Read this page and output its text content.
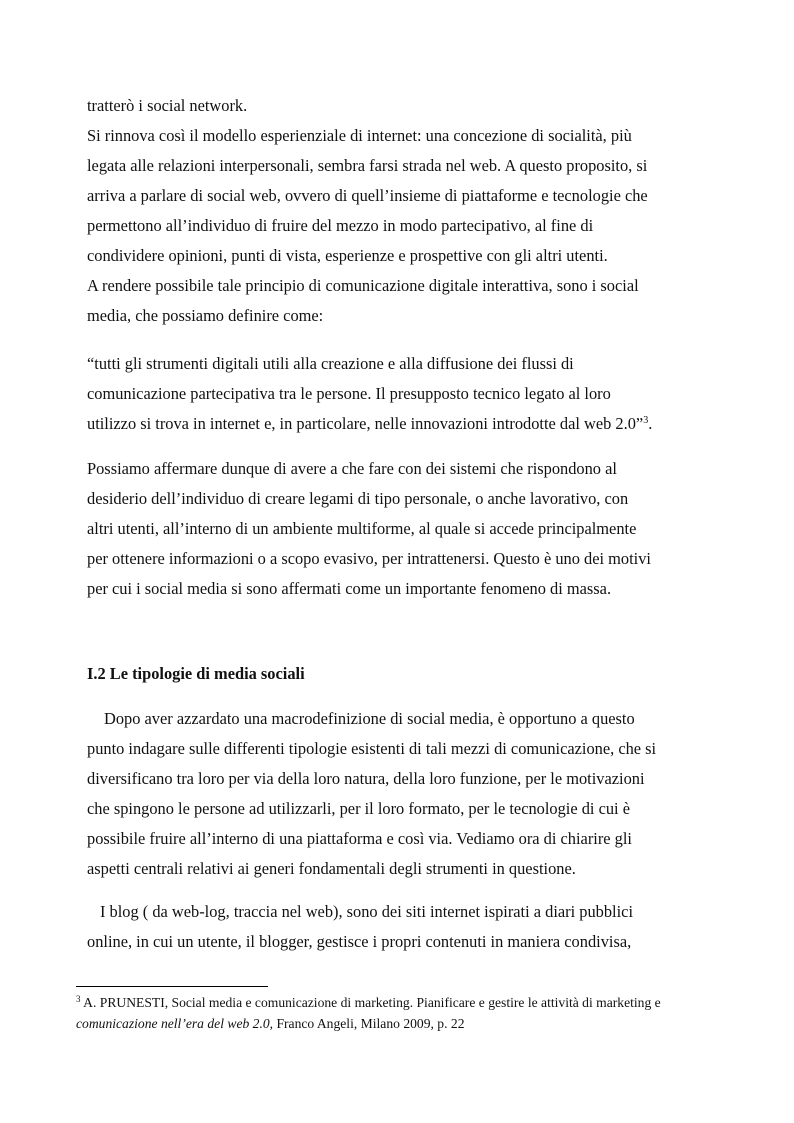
tratterò i social network.
Si rinnova così il modello esperienziale di internet: una concezione di socialità, più
legata alle relazioni interpersonali, sembra farsi strada nel web. A questo proposito, si
arriva a parlare di social web, ovvero di quell’insieme di piattaforme e tecnologie che
permettono all’individuo di fruire del mezzo in modo partecipativo, al fine di
condividere opinioni, punti di vista, esperienze e prospettive con gli altri utenti.
A rendere possibile tale principio di comunicazione digitale interattiva, sono i social
media, che possiamo definire come:
“tutti gli strumenti digitali utili alla creazione e alla diffusione dei flussi di
comunicazione partecipativa tra le persone. Il presupposto tecnico legato al loro
utilizzo si trova in internet e, in particolare, nelle innovazioni introdotte dal web 2.0”$^3$.
Possiamo affermare dunque di avere a che fare con dei sistemi che rispondono al
desiderio dell’individuo di creare legami di tipo personale, o anche lavorativo, con
altri utenti, all’interno di un ambiente multiforme, al quale si accede principalmente
per ottenere informazioni o a scopo evasivo, per intrattenersi. Questo è uno dei motivi
per cui i social media si sono affermati come un importante fenomeno di massa.
I.2 Le tipologie di media sociali
Dopo aver azzardato una macrodefinizione di social media, è opportuno a questo
punto indagare sulle differenti tipologie esistenti di tali mezzi di comunicazione, che si
diversificano tra loro per via della loro natura, della loro funzione, per le motivazioni
che spingono le persone ad utilizzarli, per il loro formato, per le tecnologie di cui è
possibile fruire all’interno di una piattaforma e così via. Vediamo ora di chiarire gli
aspetti centrali relativi ai generi fondamentali degli strumenti in questione.
I blog ( da web-log, traccia nel web), sono dei siti internet ispirati a diari pubblici
online, in cui un utente, il blogger, gestisce i propri contenuti in maniera condivisa,
$^3$ A. PRUNESTI, Social media e comunicazione di marketing. Pianificare e gestire le attività di marketing e
comunicazione nell’era del web 2.0, Franco Angeli, Milano 2009, p. 22
